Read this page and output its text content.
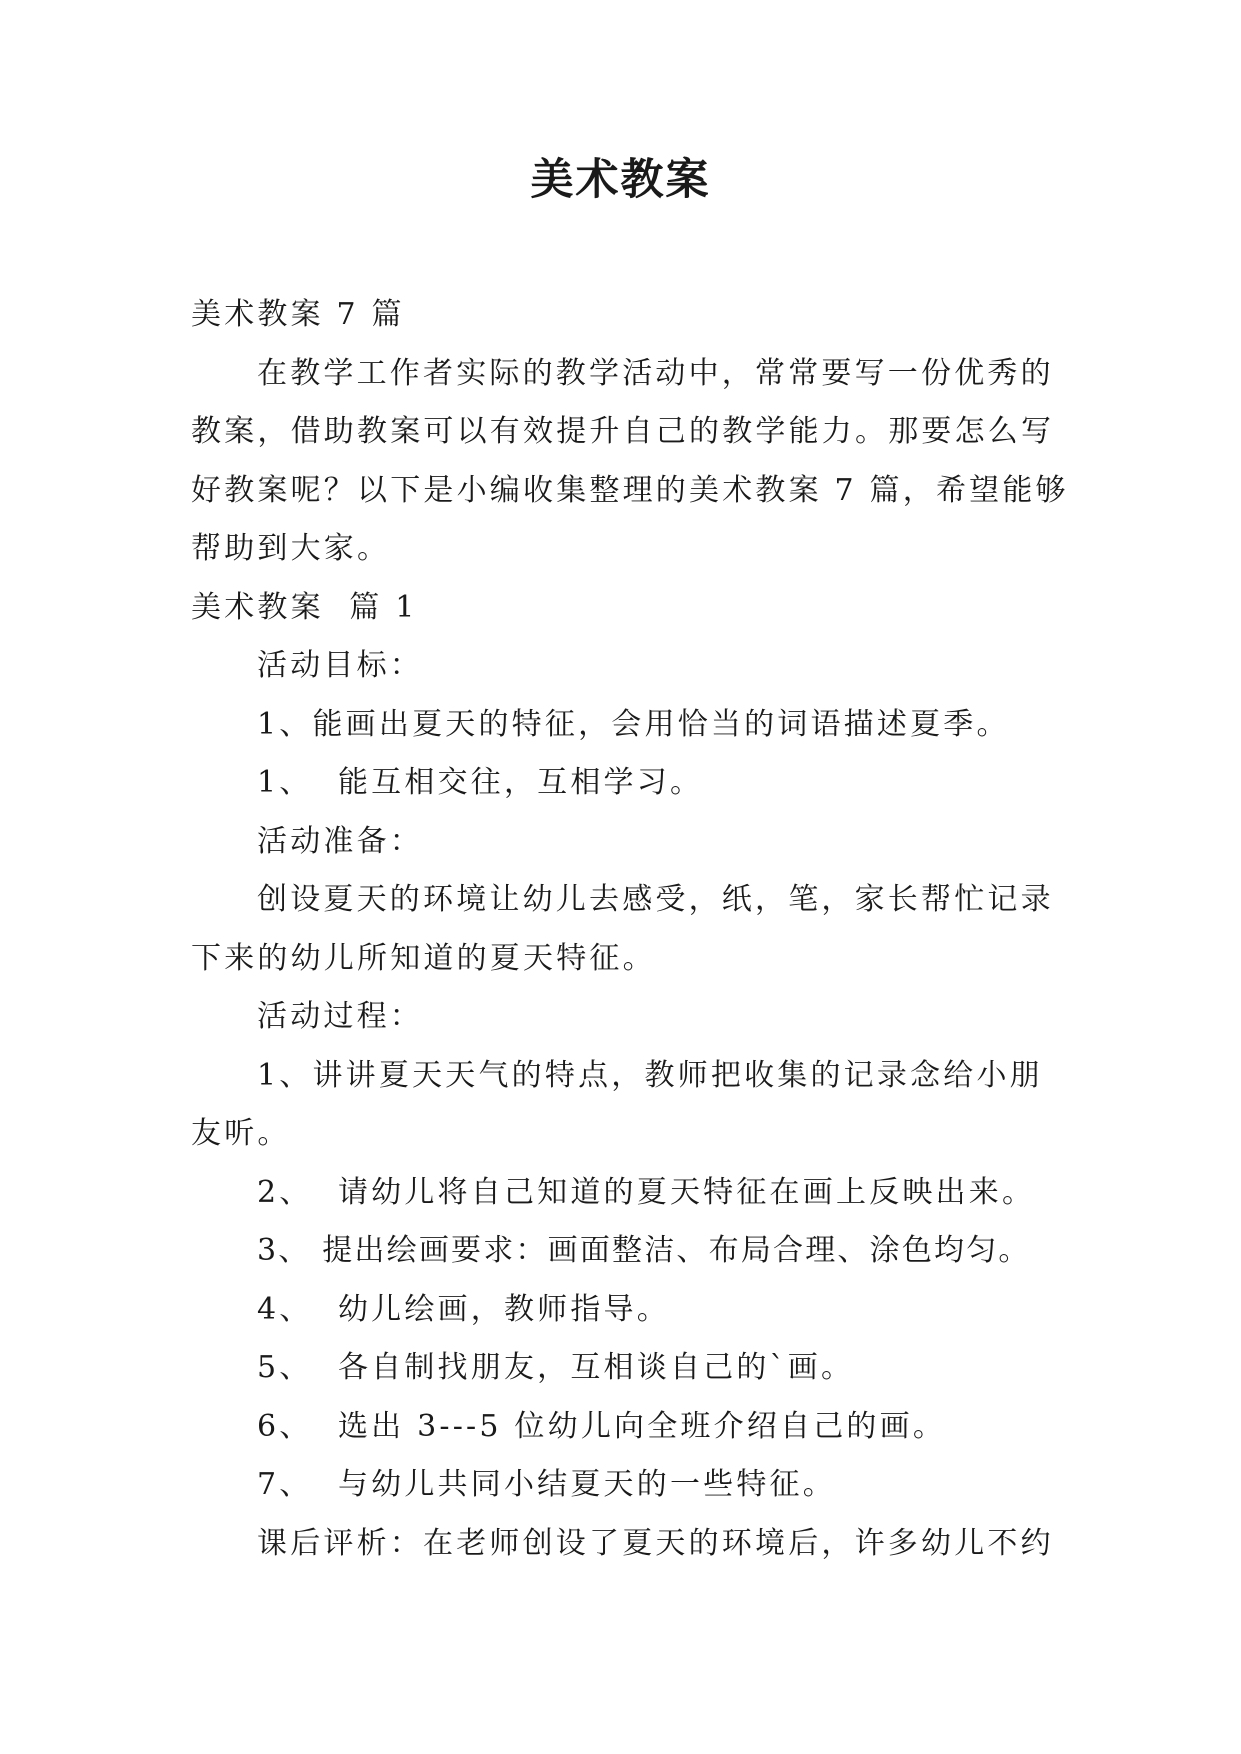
美术教案

美术教案 7 篇

在教学工作者实际的教学活动中，常常要写一份优秀的教案，借助教案可以有效提升自己的教学能力。那要怎么写好教案呢？以下是小编收集整理的美术教案 7 篇，希望能够帮助到大家。

美术教案  篇 1

活动目标：

1、能画出夏天的特征，会用恰当的词语描述夏季。

1、  能互相交往，互相学习。

活动准备：

创设夏天的环境让幼儿去感受，纸，笔，家长帮忙记录下来的幼儿所知道的夏天特征。

活动过程：

1、讲讲夏天天气的特点，教师把收集的记录念给小朋友听。

2、  请幼儿将自己知道的夏天特征在画上反映出来。

3、 提出绘画要求：画面整洁、布局合理、涂色均匀。

4、  幼儿绘画，教师指导。

5、  各自制找朋友，互相谈自己的`画。

6、  选出 3---5 位幼儿向全班介绍自己的画。

7、  与幼儿共同小结夏天的一些特征。

课后评析：在老师创设了夏天的环境后，许多幼儿不约
